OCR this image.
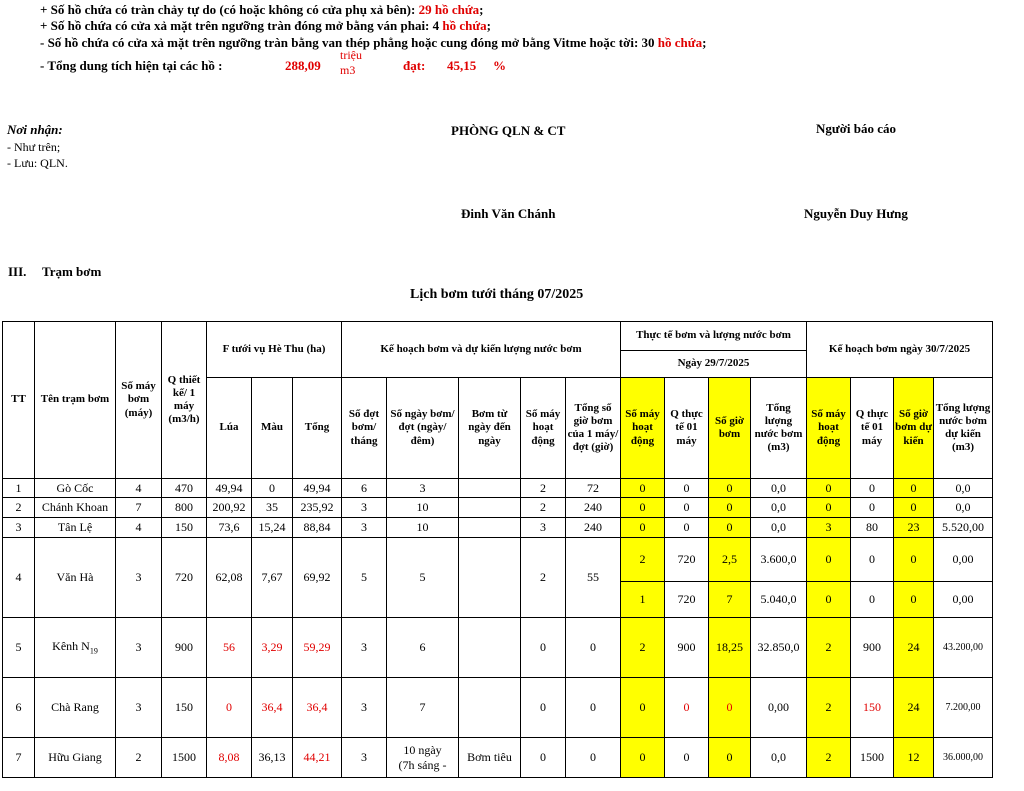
+ Số hồ chứa có tràn chảy tự do (có hoặc không có cửa phụ xả bên): 29 hồ chứa;
+ Số hồ chứa có cửa xả mặt trên ngưỡng tràn đóng mở bằng ván phai: 4 hồ chứa;
- Số hồ chứa có cửa xả mặt trên ngưỡng tràn bằng van thép phẳng hoặc cung đóng mở bằng Vitme hoặc tời: 30 hồ chứa;
- Tổng dung tích hiện tại các hồ :	288,09
triệu
m3	đạt: 45,15 %
Nơi nhận:
- Như trên;
- Lưu: QLN.
PHÒNG QLN & CT	Người báo cáo
Đinh Văn Chánh	Nguyễn Duy Hưng
III. Trạm bơm
Lịch bơm tưới tháng 07/2025
TT	Tên trạm bơm	Số máy bơm (máy)	Q thiết kế/ 1 máy (m3/h)	F tưới vụ Hè Thu (ha)			Kế hoạch bơm và dự kiến lượng nước bơm					Thực tế bơm và lượng nước bơm				Kế hoạch bơm ngày 30/7/2025			
												Ngày 29/7/2025							
				Lúa	Màu	Tổng	Số đợt bơm/ tháng	Số ngày bơm/ đợt (ngày/đêm)	Bơm từ ngày đến ngày	Số máy hoạt động	Tổng số giờ bơm của 1 máy/đợt (giờ)	Số máy hoạt động	Q thực tế 01 máy	Số giờ bơm	Tổng lượng nước bơm (m3)	Số máy hoạt động	Q thực tế 01 máy	Số giờ bơm dự kiến	Tổng lượng nước bơm dự kiến (m3)
1	Gò Cốc	4	470	49,94	0	49,94	6	3		2	72	0	0	0	0,0	0	0	0	0,0
2	Chánh Khoan	7	800	200,92	35	235,92	3	10		2	240	0	0	0	0,0	0	0	0	0,0
3	Tân Lệ	4	150	73,6	15,24	88,84	3	10		3	240	0	0	0	0,0	3	80	23	5.520,00
4	Văn Hà	3	720	62,08	7,67	69,92	5	5		2	55	2	720	2,5	3.600,0	0	0	0	0,00
												1	720	7	5.040,0	0	0	0	0,00
5	Kênh $N_{19}$	3	900	56	3,29	59,29	3	6		0	0	2	900	18,25	32.850,0	2	900	24	43.200,00
6	Chà Rang	3	150	0	36,4	36,4	3	7		0	0	0	0	0	0,00	2	150	24	7.200,00
7	Hữu Giang	2	1500	8,08	36,13	44,21	3	10 ngày
(7h sáng -	Bơm tiêu	0	0	0	0	0	0,0	2	1500	12	36.000,00
